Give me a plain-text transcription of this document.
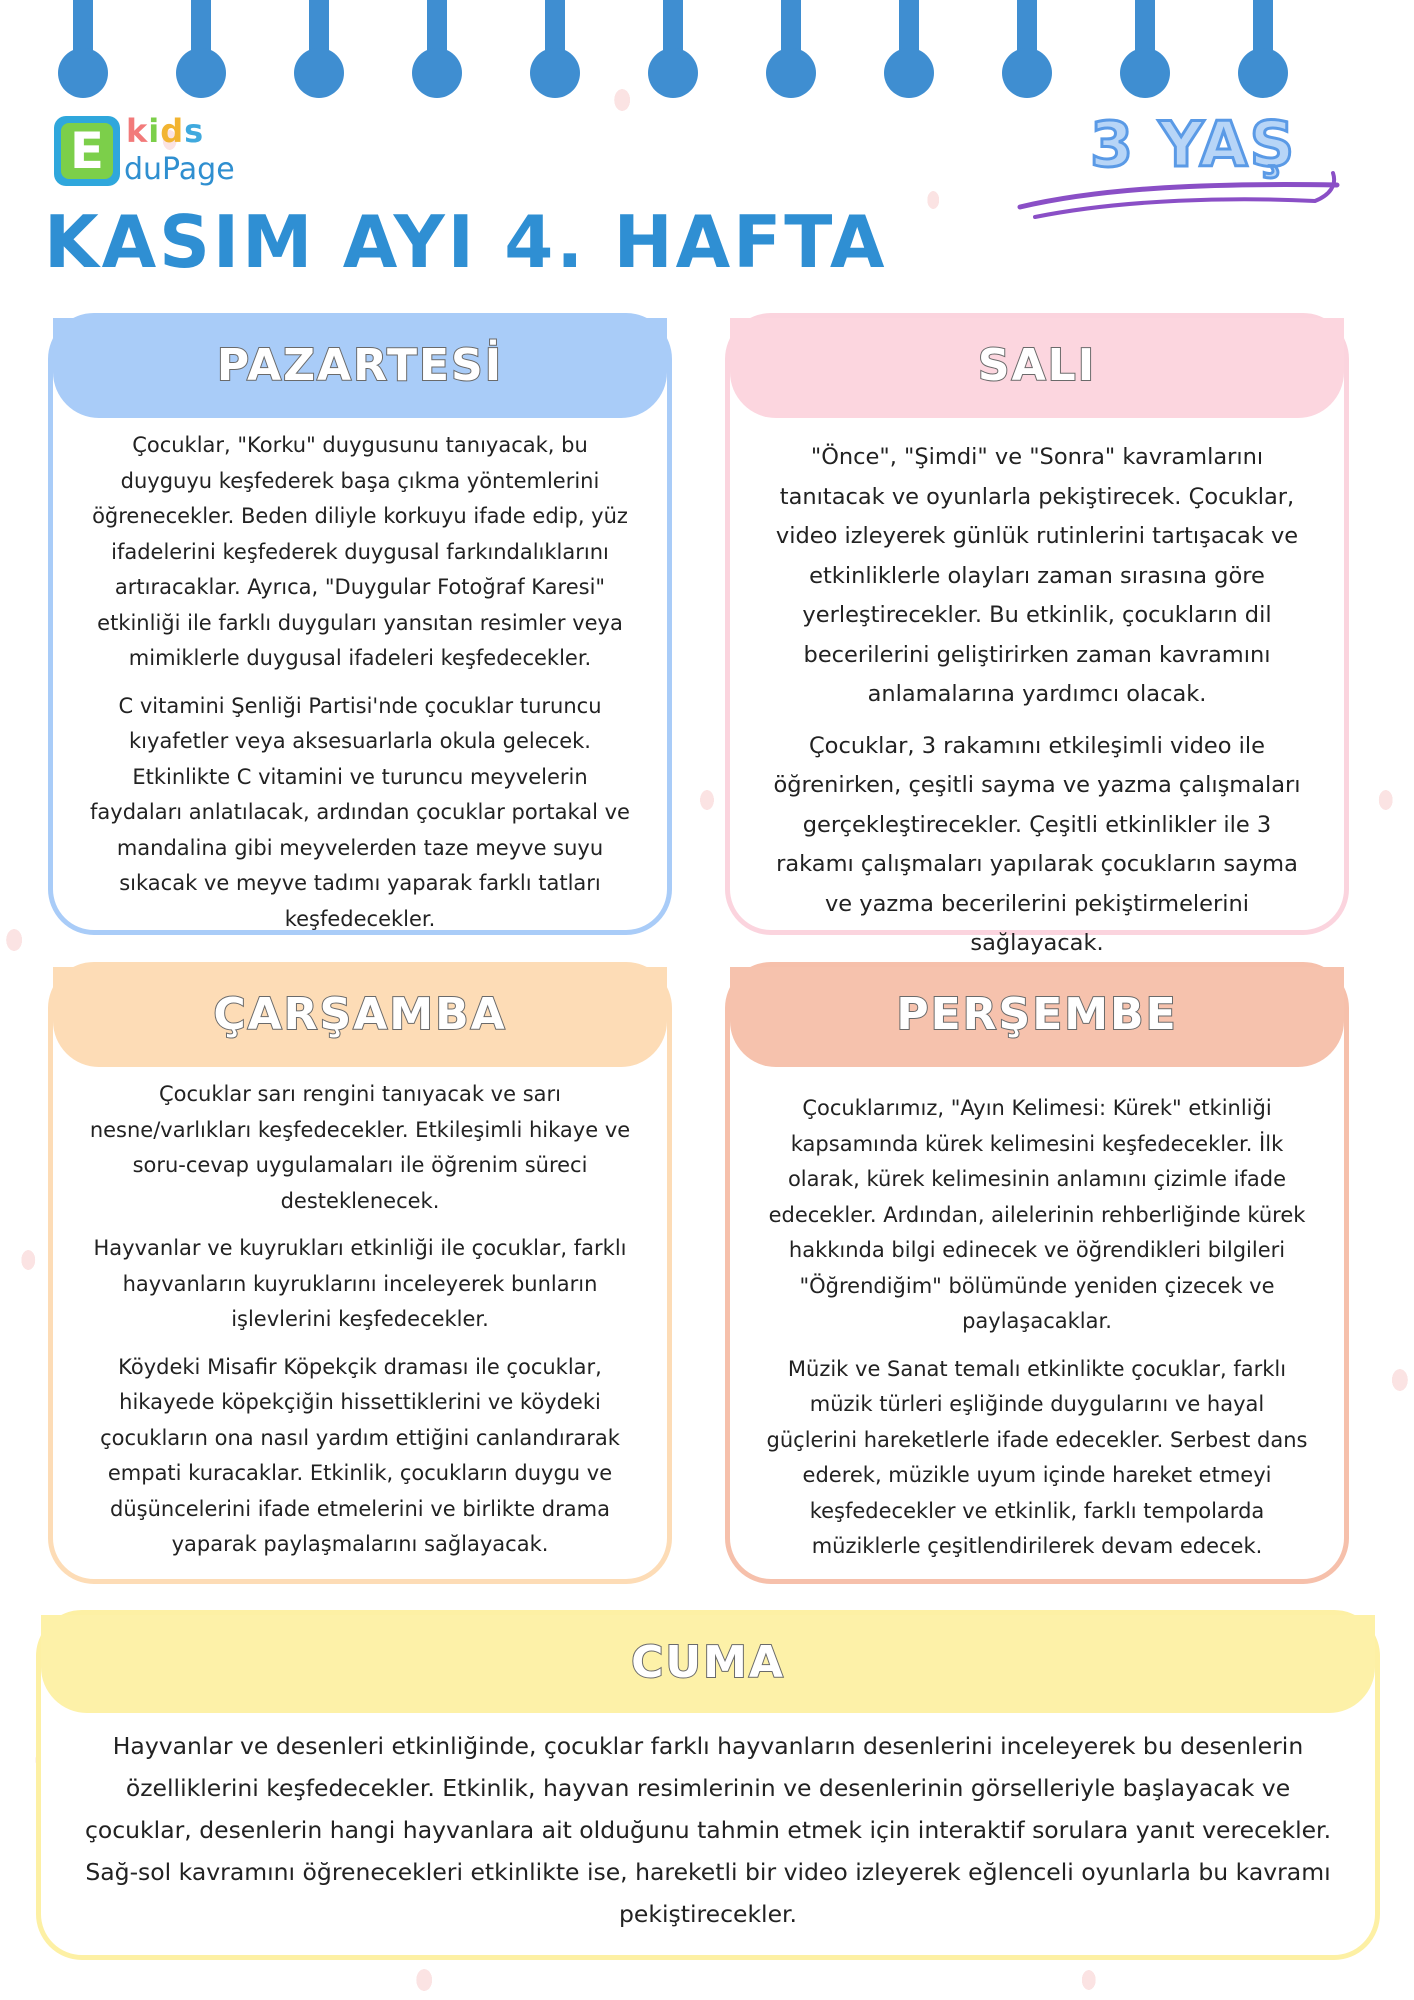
E kids
duPage
KASIM AYI 4. HAFTA
3 YAŞ
PAZARTESİ

Çocuklar, "Korku" duygusunu tanıyacak, bu duyguyu keşfederek başa çıkma yöntemlerini öğrenecekler. Beden diliyle korkuyu ifade edip, yüz ifadelerini keşfederek duygusal farkındalıklarını artıracaklar. Ayrıca, "Duygular Fotoğraf Karesi" etkinliği ile farklı duyguları yansıtan resimler veya mimiklerle duygusal ifadeleri keşfedecekler.

C vitamini Şenliği Partisi'nde çocuklar turuncu kıyafetler veya aksesuarlarla okula gelecek. Etkinlikte C vitamini ve turuncu meyvelerin faydaları anlatılacak, ardından çocuklar portakal ve mandalina gibi meyvelerden taze meyve suyu sıkacak ve meyve tadımı yaparak farklı tatları keşfedecekler.

SALI

"Önce", "Şimdi" ve "Sonra" kavramlarını tanıtacak ve oyunlarla pekiştirecek. Çocuklar, video izleyerek günlük rutinlerini tartışacak ve etkinliklerle olayları zaman sırasına göre yerleştirecekler. Bu etkinlik, çocukların dil becerilerini geliştirirken zaman kavramını anlamalarına yardımcı olacak.

Çocuklar, 3 rakamını etkileşimli video ile öğrenirken, çeşitli sayma ve yazma çalışmaları gerçekleştirecekler. Çeşitli etkinlikler ile 3 rakamı çalışmaları yapılarak çocukların sayma ve yazma becerilerini pekiştirmelerini sağlayacak.

ÇARŞAMBA

Çocuklar sarı rengini tanıyacak ve sarı nesne/varlıkları keşfedecekler. Etkileşimli hikaye ve soru-cevap uygulamaları ile öğrenim süreci desteklenecek.

Hayvanlar ve kuyrukları etkinliği ile çocuklar, farklı hayvanların kuyruklarını inceleyerek bunların işlevlerini keşfedecekler.

Köydeki Misafir Köpekçik draması ile çocuklar, hikayede köpekçiğin hissettiklerini ve köydeki çocukların ona nasıl yardım ettiğini canlandırarak empati kuracaklar. Etkinlik, çocukların duygu ve düşüncelerini ifade etmelerini ve birlikte drama yaparak paylaşmalarını sağlayacak.

PERŞEMBE

Çocuklarımız, "Ayın Kelimesi: Kürek" etkinliği kapsamında kürek kelimesini keşfedecekler. İlk olarak, kürek kelimesinin anlamını çizimle ifade edecekler. Ardından, ailelerinin rehberliğinde kürek hakkında bilgi edinecek ve öğrendikleri bilgileri "Öğrendiğim" bölümünde yeniden çizecek ve paylaşacaklar.

Müzik ve Sanat temalı etkinlikte çocuklar, farklı müzik türleri eşliğinde duygularını ve hayal güçlerini hareketlerle ifade edecekler. Serbest dans ederek, müzikle uyum içinde hareket etmeyi keşfedecekler ve etkinlik, farklı tempolarda müziklerle çeşitlendirilerek devam edecek.

CUMA

Hayvanlar ve desenleri etkinliğinde, çocuklar farklı hayvanların desenlerini inceleyerek bu desenlerin özelliklerini keşfedecekler. Etkinlik, hayvan resimlerinin ve desenlerinin görselleriyle başlayacak ve çocuklar, desenlerin hangi hayvanlara ait olduğunu tahmin etmek için interaktif sorulara yanıt verecekler.

Sağ-sol kavramını öğrenecekleri etkinlikte ise, hareketli bir video izleyerek eğlenceli oyunlarla bu kavramı pekiştirecekler.
